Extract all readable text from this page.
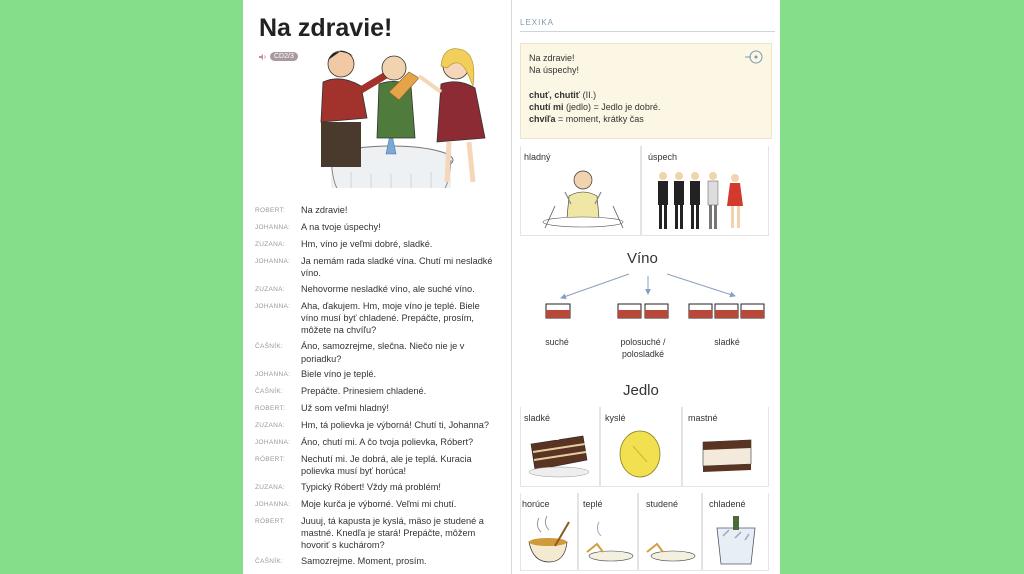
Na zdravie!
CD2/3
ROBERT:	Na zdravie!
JOHANNA:	A na tvoje úspechy!
ZUZANA:	Hm, víno je veľmi dobré, sladké.
JOHANNA:	Ja nemám rada sladké vína. Chutí mi nesladké víno.
ZUZANA:	Nehovorme nesladké víno, ale suché víno.
JOHANNA:	Aha, ďakujem. Hm, moje víno je teplé. Biele víno musí byť chladené. Prepáčte, prosím, môžete na chvíľu?
ČAŠNÍK:	Áno, samozrejme, slečna. Niečo nie je v poriadku?
JOHANNA:	Biele víno je teplé.
ČAŠNÍK:	Prepáčte. Prinesiem chladené.
ROBERT:	Už som veľmi hladný!
ZUZANA:	Hm, tá polievka je výborná! Chutí ti, Johanna?
JOHANNA:	Áno, chutí mi. A čo tvoja polievka, Róbert?
RÓBERT:	Nechutí mi. Je dobrá, ale je teplá. Kuracia polievka musí byť horúca!
ZUZANA:	Typický Róbert! Vždy má problém!
JOHANNA:	Moje kurča je výborné. Veľmi mi chutí.
RÓBERT:	Juuuj, tá kapusta je kyslá, mäso je studené a mastné. Knedľa je stará! Prepáčte, môžem hovoriť s kuchárom?
ČAŠNÍK:	Samozrejme. Moment, prosím.
LEXIKA
Na zdravie!
Na úspechy!
chuť, chutiť (II.)
chutí mi (jedlo) = Jedlo je dobré.
chvíľa = moment, krátky čas
hladný	úspech
Víno
suché	polosuché /
polosladké
sladké
Jedlo
sladké	kyslé	mastné
horúce	teplé	studené	chladené
